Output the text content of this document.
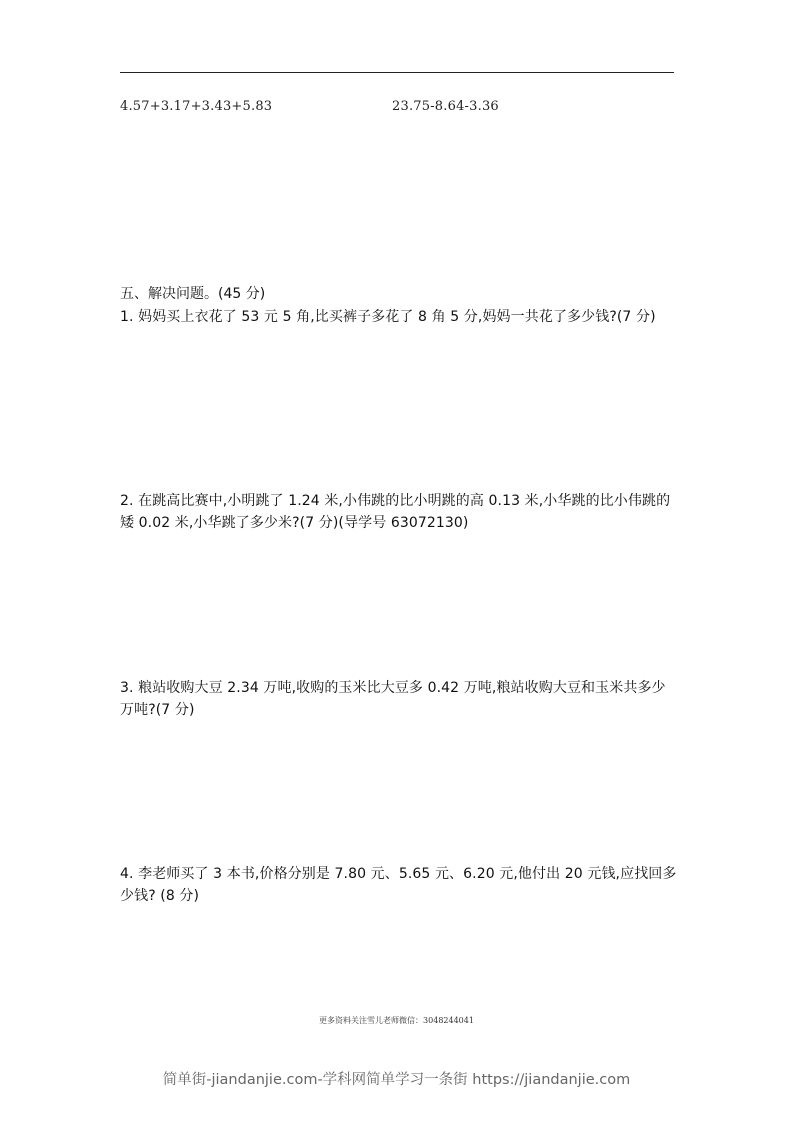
4.57+3.17+3.43+5.83	23.75-8.64-3.36
五、解决问题。(45 分)
1. 妈妈买上衣花了 53 元 5 角,比买裤子多花了 8 角 5 分,妈妈一共花了多少钱?(7 分)
2. 在跳高比赛中,小明跳了 1.24 米,小伟跳的比小明跳的高 0.13 米,小华跳的比小伟跳的矮 0.02 米,小华跳了多少米?(7 分)(导学号 63072130)
3. 粮站收购大豆 2.34 万吨,收购的玉米比大豆多 0.42 万吨,粮站收购大豆和玉米共多少万吨?(7 分)
4. 李老师买了 3 本书,价格分别是 7.80 元、5.65 元、6.20 元,他付出 20 元钱,应找回多少钱? (8 分)
更多资料关注雪儿老师微信：3048244041
简单街-jiandanjie.com-学科网简单学习一条街 https://jiandanjie.com
